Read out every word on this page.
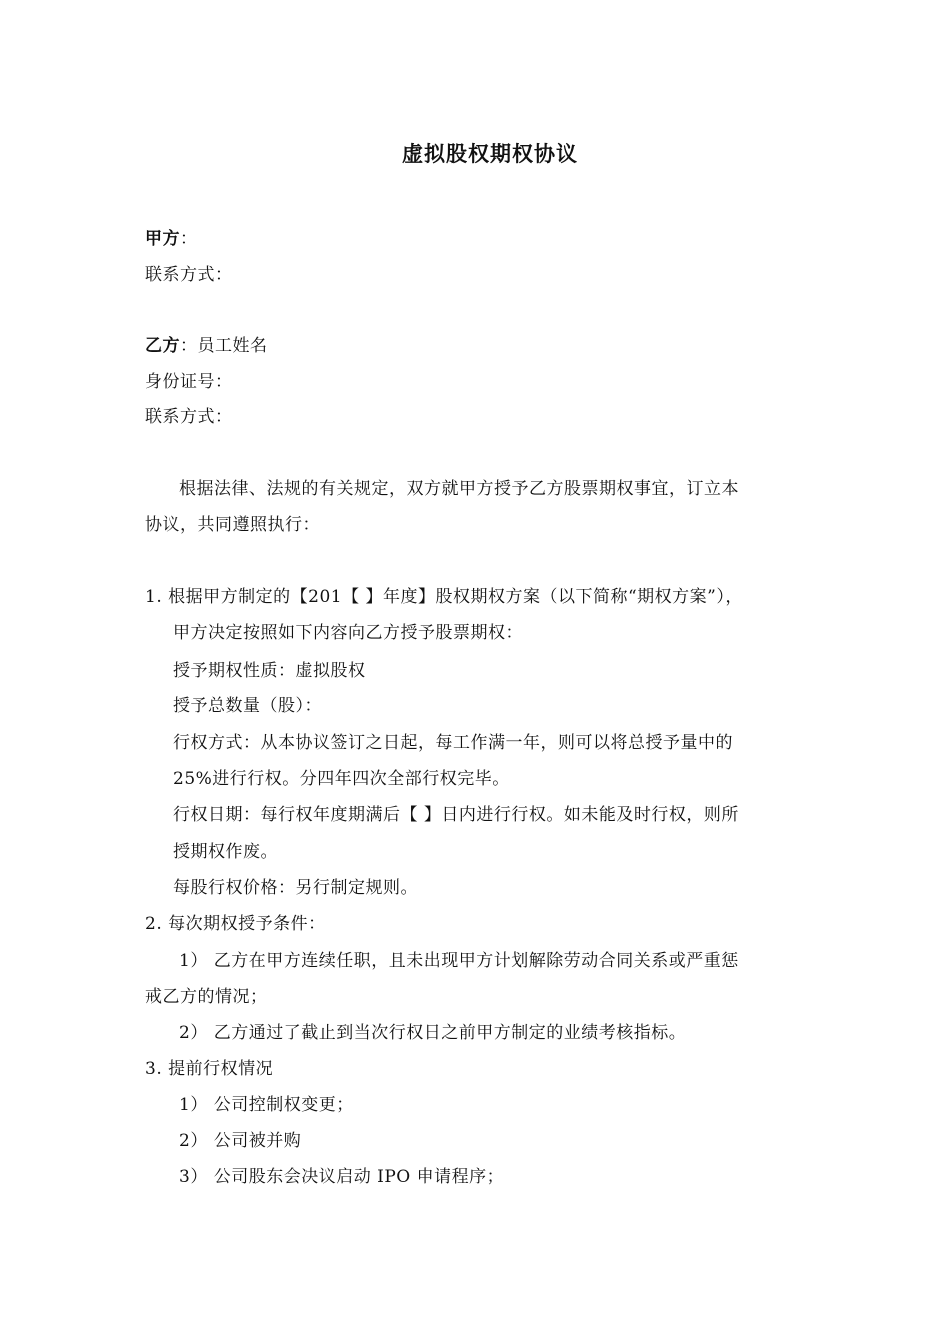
虚拟股权期权协议
甲方：
联系方式：
乙方：员工姓名
身份证号：
联系方式：
根据法律、法规的有关规定，双方就甲方授予乙方股票期权事宜，订立本
协议，共同遵照执行：
1. 根据甲方制定的【201【 】年度】股权期权方案（以下简称“期权方案”），
甲方决定按照如下内容向乙方授予股票期权：
授予期权性质：虚拟股权
授予总数量（股）：
行权方式：从本协议签订之日起，每工作满一年，则可以将总授予量中的
25%进行行权。分四年四次全部行权完毕。
行权日期：每行权年度期满后【 】日内进行行权。如未能及时行权，则所
授期权作废。
每股行权价格：另行制定规则。
2. 每次期权授予条件：
1） 乙方在甲方连续任职，且未出现甲方计划解除劳动合同关系或严重惩
戒乙方的情况；
2） 乙方通过了截止到当次行权日之前甲方制定的业绩考核指标。
3. 提前行权情况
1） 公司控制权变更；
2） 公司被并购
3） 公司股东会决议启动 IPO 申请程序；
